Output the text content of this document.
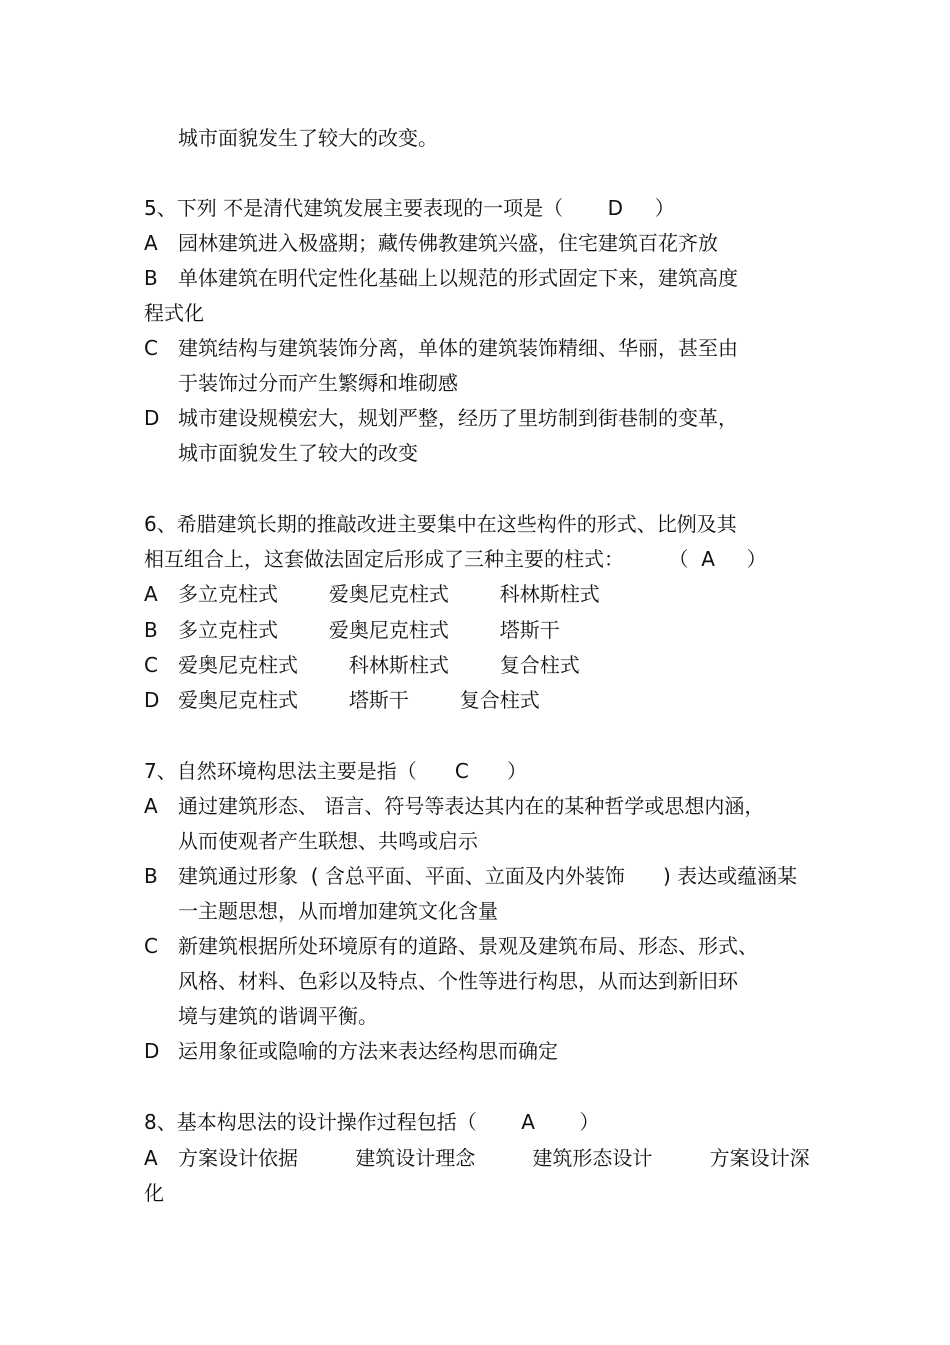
城市面貌发生了较大的改变。
5、下列 不是清代建筑发展主要表现的一项是（       D     ）
A 园林建筑进入极盛期；藏传佛教建筑兴盛，住宅建筑百花齐放
B 单体建筑在明代定性化基础上以规范的形式固定下来，建筑高度
程式化
C 建筑结构与建筑装饰分离，单体的建筑装饰精细、华丽，甚至由
于装饰过分而产生繁缛和堆砌感
D 城市建设规模宏大，规划严整，经历了里坊制到街巷制的变革，
城市面貌发生了较大的改变
6、希腊建筑长期的推敲改进主要集中在这些构件的形式、比例及其
相互组合上，这套做法固定后形成了三种主要的柱式：       （  A     ）
A 多立克柱式        爱奥尼克柱式        科林斯柱式
B 多立克柱式        爱奥尼克柱式        塔斯干
C 爱奥尼克柱式        科林斯柱式        复合柱式
D 爱奥尼克柱式        塔斯干        复合柱式
7、自然环境构思法主要是指（      C      ）
A 通过建筑形态、 语言、符号等表达其内在的某种哲学或思想内涵，
从而使观者产生联想、共鸣或启示
B 建筑通过形象  ( 含总平面、平面、立面及内外装饰      ) 表达或蕴涵某
一主题思想，从而增加建筑文化含量
C 新建筑根据所处环境原有的道路、景观及建筑布局、形态、形式、
风格、材料、色彩以及特点、个性等进行构思，从而达到新旧环
境与建筑的谐调平衡。
D 运用象征或隐喻的方法来表达经构思而确定
8、基本构思法的设计操作过程包括（       A       ）
A 方案设计依据         建筑设计理念         建筑形态设计         方案设计深
化
